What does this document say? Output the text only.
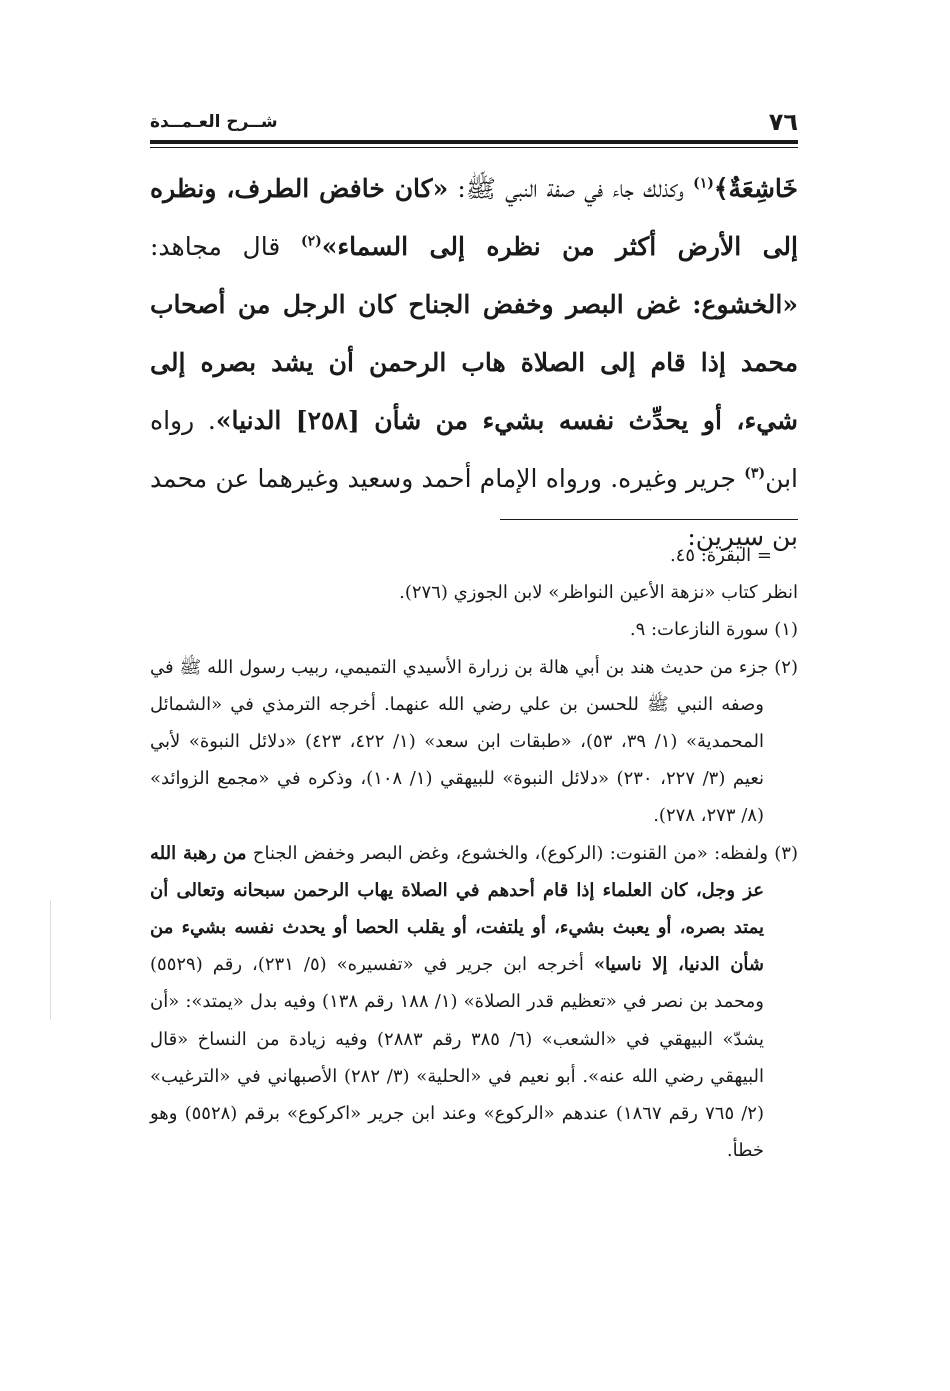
٧٦
شــرح العـمــدة

خَاشِعَةٌ﴾$^{(١)}$ وكذلك جاء في صفة النبي ﷺ: «كان خافض الطرف، ونظره إلى الأرض أكثر من نظره إلى السماء»$^{(٢)}$ قال مجاهد: «الخشوع: غض البصر وخفض الجناح كان الرجل من أصحاب محمد إذا قام إلى الصلاة هاب الرحمن أن يشد بصره إلى شيء، أو يحدِّث نفسه بشيء من شأن [٢٥٨] الدنيا». رواه ابن$^{(٣)}$ جرير وغيره. ورواه الإمام أحمد وسعيد وغيرهما عن محمد بن سيرين:

= البقرة: ٤٥.

انظر كتاب «نزهة الأعين النواظر» لابن الجوزي (٢٧٦).

(١) سورة النازعات: ٩.

(٢) جزء من حديث هند بن أبي هالة بن زرارة الأسيدي التميمي، ربيب رسول الله ﷺ في وصفه النبي ﷺ للحسن بن علي رضي الله عنهما. أخرجه الترمذي في «الشمائل المحمدية» (١/ ٣٩، ٥٣)، «طبقات ابن سعد» (١/ ٤٢٢، ٤٢٣) «دلائل النبوة» لأبي نعيم (٣/ ٢٢٧، ٢٣٠) «دلائل النبوة» للبيهقي (١/ ١٠٨)، وذكره في «مجمع الزوائد» (٨/ ٢٧٣، ٢٧٨).

(٣) ولفظه: «من القنوت: (الركوع)، والخشوع، وغض البصر وخفض الجناح من رهبة الله عز وجل، كان العلماء إذا قام أحدهم في الصلاة يهاب الرحمن سبحانه وتعالى أن يمتد بصره، أو يعبث بشيء، أو يلتفت، أو يقلب الحصا أو يحدث نفسه بشيء من شأن الدنيا، إلا ناسيا» أخرجه ابن جرير في «تفسيره» (٥/ ٢٣١)، رقم (٥٥٢٩) ومحمد بن نصر في «تعظيم قدر الصلاة» (١/ ١٨٨ رقم ١٣٨) وفيه بدل «يمتد»: «أن يشدّ» البيهقي في «الشعب» (٦/ ٣٨٥ رقم ٢٨٨٣) وفيه زيادة من النساخ «قال البيهقي رضي الله عنه». أبو نعيم في «الحلية» (٣/ ٢٨٢) الأصبهاني في «الترغيب» (٢/ ٧٦٥ رقم ١٨٦٧) عندهم «الركوع» وعند ابن جرير «اكركوع» برقم (٥٥٢٨) وهو خطأ.
